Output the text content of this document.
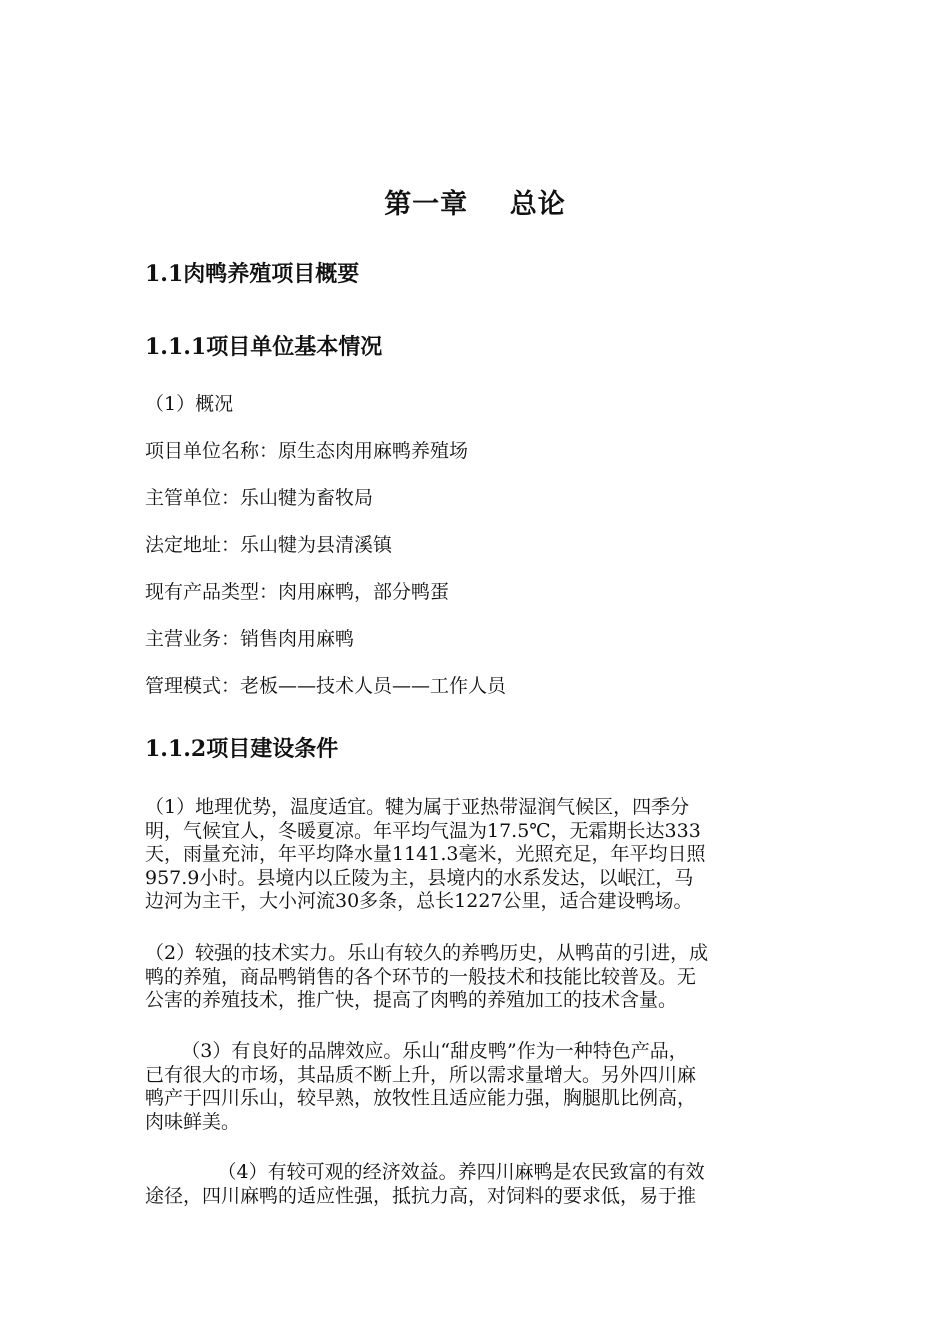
第一章    总论
1.1肉鸭养殖项目概要
1.1.1项目单位基本情况
（1）概况
项目单位名称：原生态肉用麻鸭养殖场
主管单位：乐山犍为畜牧局
法定地址：乐山犍为县清溪镇
现有产品类型：肉用麻鸭，部分鸭蛋
主营业务：销售肉用麻鸭
管理模式：老板——技术人员——工作人员
1.1.2项目建设条件
（1）地理优势，温度适宜。犍为属于亚热带湿润气候区，四季分
明，气候宜人，冬暖夏凉。年平均气温为17.5℃，无霜期长达333
天，雨量充沛，年平均降水量1141.3毫米，光照充足，年平均日照
957.9小时。县境内以丘陵为主，县境内的水系发达，以岷江，马
边河为主干，大小河流30多条，总长1227公里，适合建设鸭场。
（2）较强的技术实力。乐山有较久的养鸭历史，从鸭苗的引进，成
鸭的养殖，商品鸭销售的各个环节的一般技术和技能比较普及。无
公害的养殖技术，推广快，提高了肉鸭的养殖加工的技术含量。
（3）有良好的品牌效应。乐山“甜皮鸭”作为一种特色产品，
已有很大的市场，其品质不断上升，所以需求量增大。另外四川麻
鸭产于四川乐山，较早熟，放牧性且适应能力强，胸腿肌比例高，
肉味鲜美。
（4）有较可观的经济效益。养四川麻鸭是农民致富的有效
途径，四川麻鸭的适应性强，抵抗力高，对饲料的要求低，易于推
